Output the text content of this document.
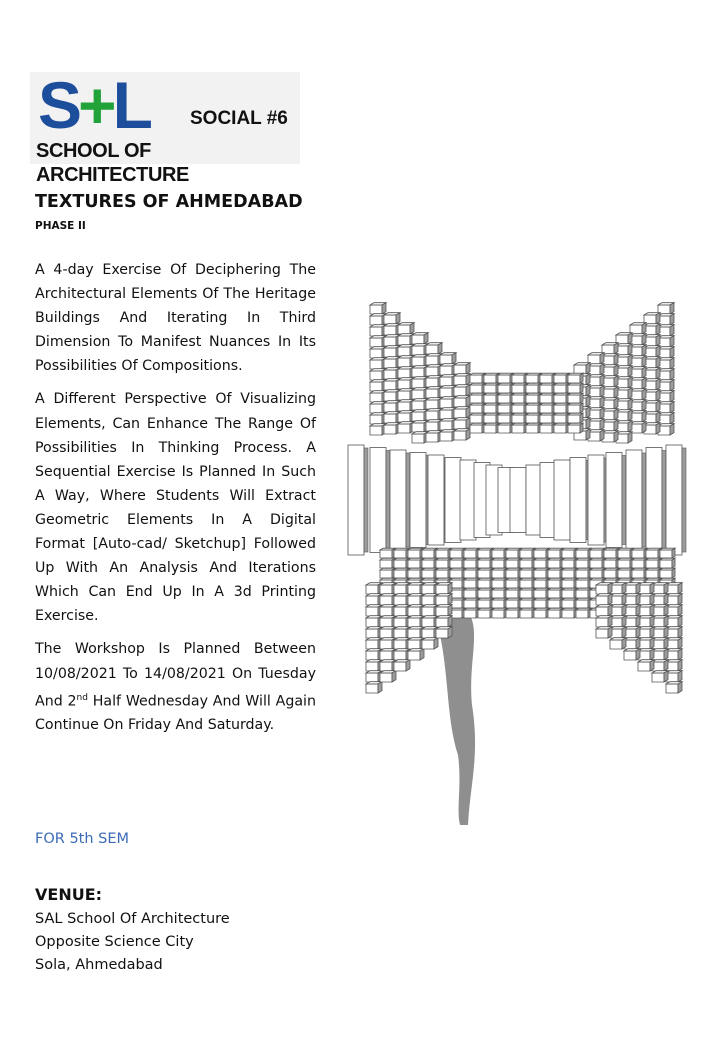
S+L SOCIAL #6
SCHOOL OF ARCHITECTURE
TEXTURES OF AHMEDABAD
PHASE II

A 4-day Exercise Of Deciphering The Architectural Elements Of The Heritage Buildings And Iterating In Third Dimension To Manifest Nuances In Its Possibilities Of Compositions.

A Different Perspective Of Visualizing Elements, Can Enhance The Range Of Possibilities In Thinking Process. A Sequential Exercise Is Planned In Such A Way, Where Students Will Extract Geometric Elements In A Digital Format [Auto-cad/ Sketchup] Followed Up With An Analysis And Iterations Which Can End Up In A 3d Printing Exercise.

The Workshop Is Planned Between 10/08/2021 To 14/08/2021 On Tuesday And 2nd Half Wednesday And Will Again Continue On Friday And Saturday.

FOR 5th SEM
VENUE:
SAL School Of Architecture
Opposite Science City
Sola, Ahmedabad
